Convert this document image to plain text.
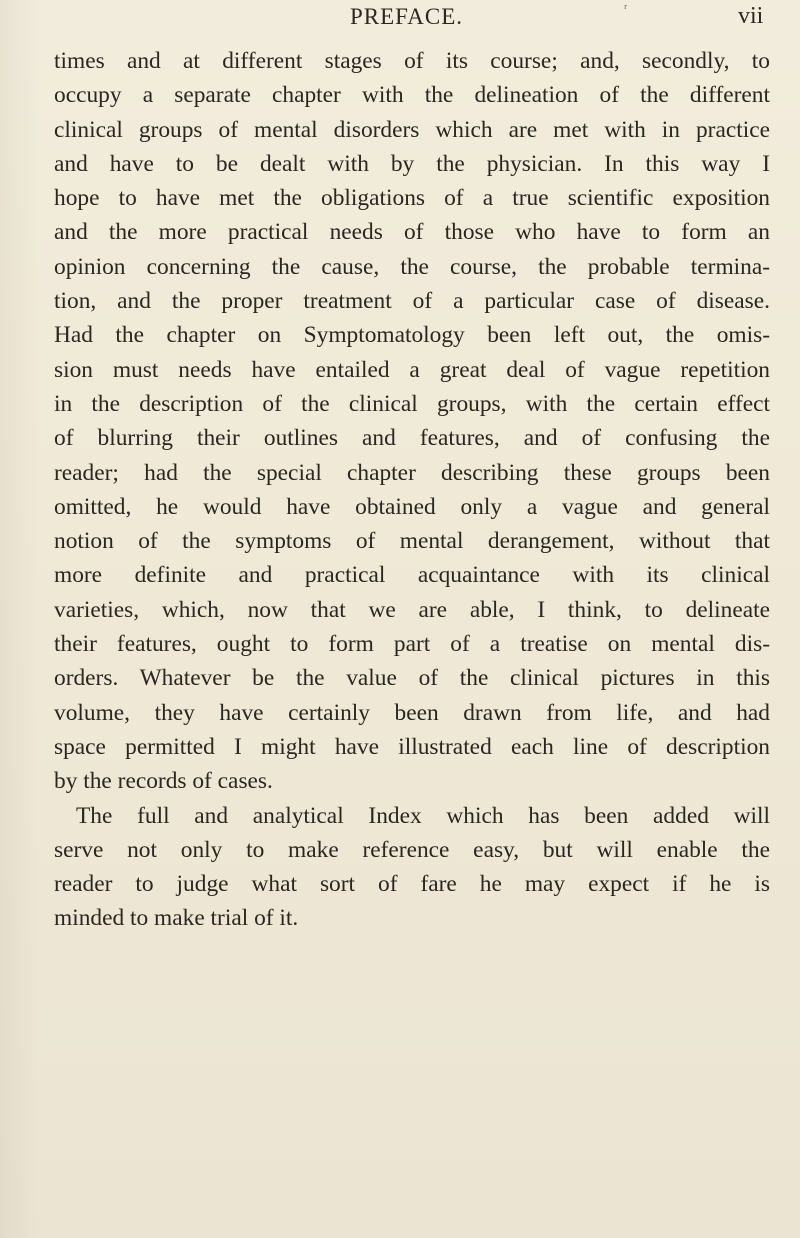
PREFACE.	ʳ	vii
times and at different stages of its course; and, secondly, to
occupy a separate chapter with the delineation of the different
clinical groups of mental disorders which are met with in practice
and have to be dealt with by the physician. In this way I
hope to have met the obligations of a true scientific exposition
and the more practical needs of those who have to form an
opinion concerning the cause, the course, the probable termina-
tion, and the proper treatment of a particular case of disease.
Had the chapter on Symptomatology been left out, the omis-
sion must needs have entailed a great deal of vague repetition
in the description of the clinical groups, with the certain effect
of blurring their outlines and features, and of confusing the
reader; had the special chapter describing these groups been
omitted, he would have obtained only a vague and general
notion of the symptoms of mental derangement, without that
more definite and practical acquaintance with its clinical
varieties, which, now that we are able, I think, to delineate
their features, ought to form part of a treatise on mental dis-
orders. Whatever be the value of the clinical pictures in this
volume, they have certainly been drawn from life, and had
space permitted I might have illustrated each line of description
by the records of cases.
The full and analytical Index which has been added will
serve not only to make reference easy, but will enable the
reader to judge what sort of fare he may expect if he is
minded to make trial of it.
